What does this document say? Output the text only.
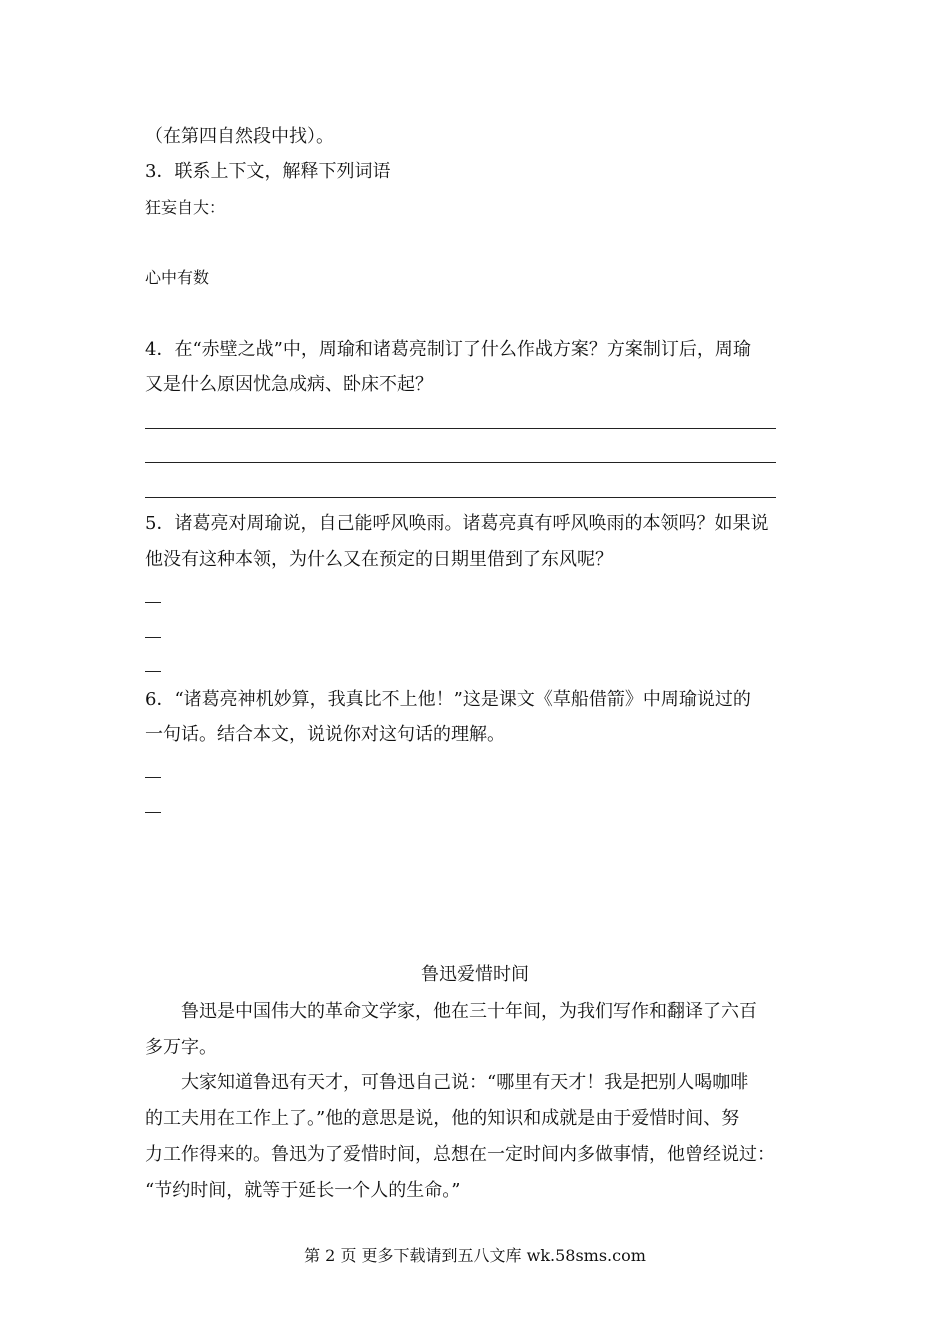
（在第四自然段中找）。
3．联系上下文，解释下列词语
狂妄自大：
心中有数
4．在“赤壁之战”中，周瑜和诸葛亮制订了什么作战方案？方案制订后，周瑜
又是什么原因忧急成病、卧床不起？
5．诸葛亮对周瑜说，自己能呼风唤雨。诸葛亮真有呼风唤雨的本领吗？如果说
他没有这种本领，为什么又在预定的日期里借到了东风呢？
6．“诸葛亮神机妙算，我真比不上他！”这是课文《草船借箭》中周瑜说过的
一句话。结合本文，说说你对这句话的理解。
鲁迅爱惜时间
鲁迅是中国伟大的革命文学家，他在三十年间，为我们写作和翻译了六百
多万字。
大家知道鲁迅有天才，可鲁迅自己说：“哪里有天才！我是把别人喝咖啡
的工夫用在工作上了。”他的意思是说，他的知识和成就是由于爱惜时间、努
力工作得来的。鲁迅为了爱惜时间，总想在一定时间内多做事情，他曾经说过：
“节约时间，就等于延长一个人的生命。”
第 2 页 更多下载请到五八文库 wk.58sms.com
